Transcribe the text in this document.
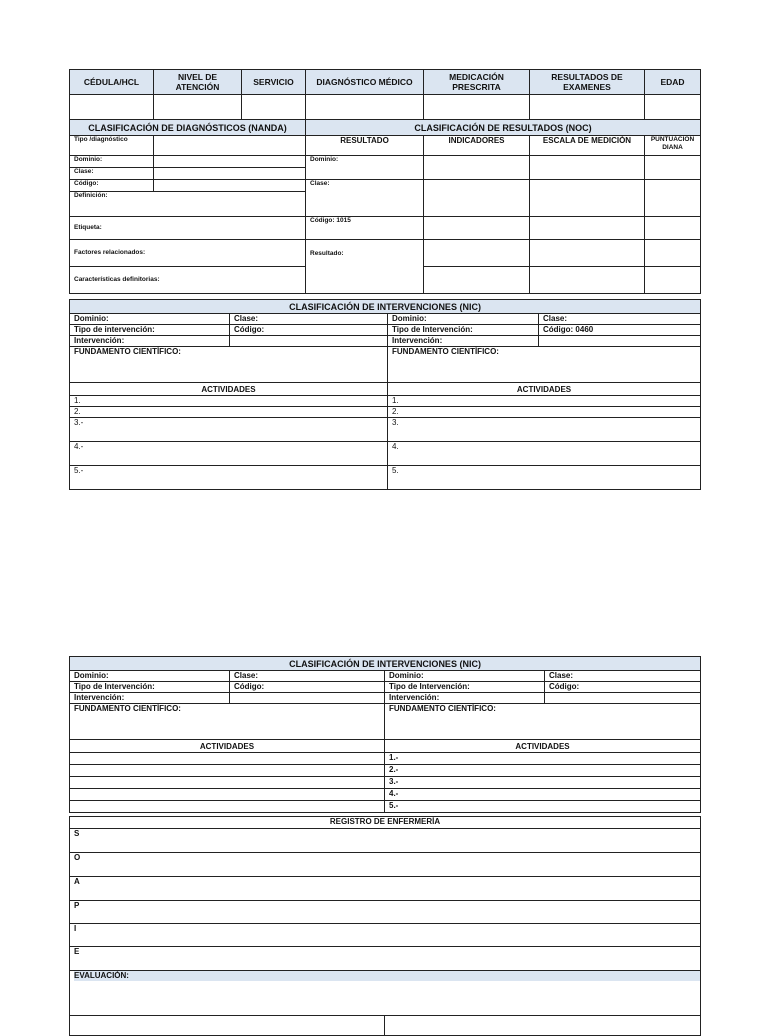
CÉDULA/HCL	NIVEL DE ATENCIÓN	SERVICIO	DIAGNÓSTICO MÉDICO	MEDICACIÓN PRESCRITA	RESULTADOS DE EXAMENES	EDAD

CLASIFICACIÓN DE DIAGNÓSTICOS (NANDA)			CLASIFICACIÓN DE RESULTADOS (NOC)			
Tipo /diagnóstico			RESULTADO	INDICADORES	ESCALA DE MEDICIÓN	PUNTUACION DIANA
Dominio:			Dominio:			
Clase:						
Código:			Clase:			
Definición:						
Etiqueta:			Código: 1015			
Factores relacionados:			Resultado:			
Características definitorias:						
CLASIFICACIÓN DE INTERVENCIONES (NIC)			
Dominio:	Clase:	Dominio:	Clase:
Tipo de intervención:	Código:	Tipo de Intervención:	Código: 0460
Intervención:		Intervención:	
FUNDAMENTO CIENTÍFICO:		FUNDAMENTO CIENTÍFICO:	
ACTIVIDADES		ACTIVIDADES	
1.		1.	
2.		2.	
3.-		3.	
4.-		4.	
5.-		5.	
CLASIFICACIÓN DE INTERVENCIONES (NIC)			
Dominio:	Clase:	Dominio:	Clase:
Tipo de Intervención:	Código:	Tipo de Intervención:	Código:
Intervención:		Intervención:	
FUNDAMENTO CIENTÍFICO:		FUNDAMENTO CIENTÍFICO:	
ACTIVIDADES		ACTIVIDADES	
		1.-	
		2.-	
		3.-	
		4.-	
		5.-	
REGISTRO DE ENFERMERÍA
S
O
A
P
I
E

EVALUACIÓN:
